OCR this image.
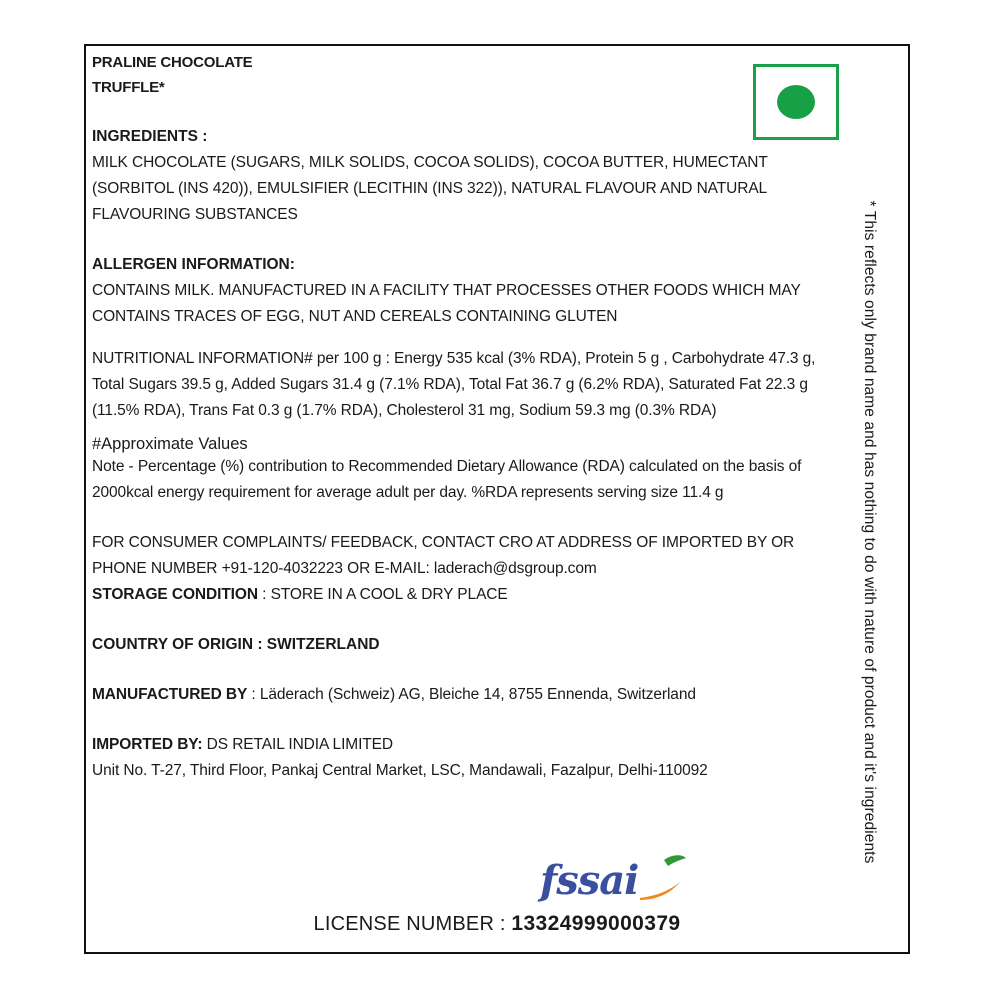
PRALINE CHOCOLATE
TRUFFLE*

INGREDIENTS :

MILK CHOCOLATE (SUGARS, MILK SOLIDS, COCOA SOLIDS), COCOA BUTTER, HUMECTANT (SORBITOL (INS 420)), EMULSIFIER (LECITHIN (INS 322)), NATURAL FLAVOUR AND NATURAL FLAVOURING SUBSTANCES

ALLERGEN INFORMATION:

CONTAINS MILK. MANUFACTURED IN A FACILITY THAT PROCESSES OTHER FOODS WHICH MAY CONTAINS TRACES OF EGG, NUT AND CEREALS CONTAINING GLUTEN

NUTRITIONAL INFORMATION# per 100 g : Energy 535 kcal (3% RDA), Protein 5 g , Carbohydrate 47.3 g, Total Sugars 39.5 g, Added Sugars 31.4 g (7.1% RDA), Total Fat 36.7 g (6.2% RDA), Saturated Fat 22.3 g (11.5% RDA), Trans Fat 0.3 g (1.7% RDA), Cholesterol 31 mg, Sodium 59.3 mg (0.3% RDA)

#Approximate Values

Note - Percentage (%) contribution to Recommended Dietary Allowance (RDA) calculated on the basis of 2000kcal energy requirement for average adult per day. %RDA represents serving size 11.4 g

FOR CONSUMER COMPLAINTS/ FEEDBACK, CONTACT CRO AT ADDRESS OF IMPORTED BY OR PHONE NUMBER +91-120-4032223 OR E-MAIL: laderach@dsgroup.com

STORAGE CONDITION : STORE IN A COOL & DRY PLACE

COUNTRY OF ORIGIN : SWITZERLAND

MANUFACTURED BY : Läderach (Schweiz) AG, Bleiche 14, 8755 Ennenda, Switzerland

IMPORTED BY: DS RETAIL INDIA LIMITED

Unit No. T-27, Third Floor, Pankaj Central Market, LSC, Mandawali, Fazalpur, Delhi-110092	* This reflects only brand name and has nothing to do with nature of product and it's ingredients
fssai
LICENSE NUMBER : 13324999000379
